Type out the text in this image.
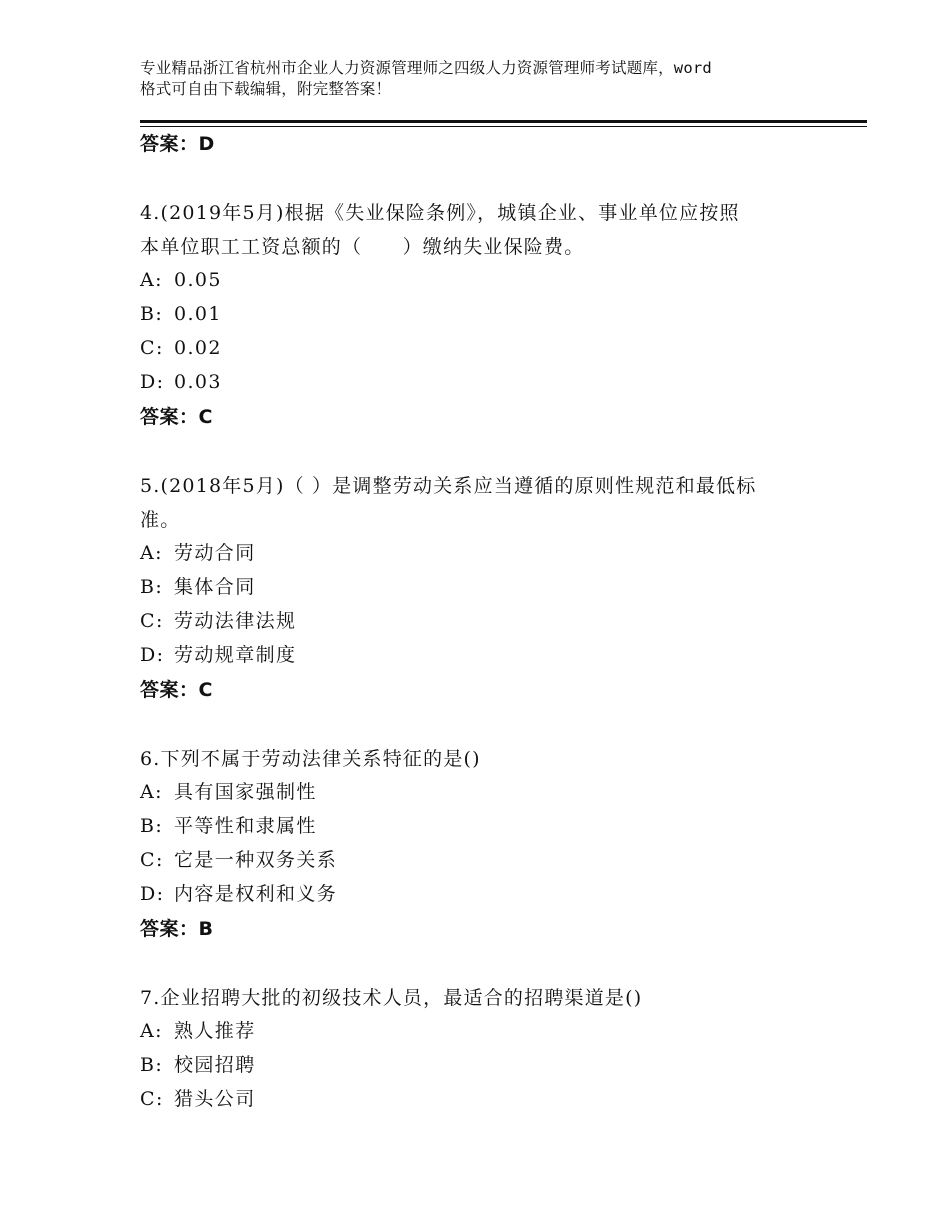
专业精品浙江省杭州市企业人力资源管理师之四级人力资源管理师考试题库，word
格式可自由下载编辑，附完整答案！
答案：D
4.(2019年5月)根据《失业保险条例》，城镇企业、事业单位应按照
本单位职工工资总额的（　　）缴纳失业保险费。
A: 0.05
B: 0.01
C: 0.02
D: 0.03
答案：C
5.(2018年5月)（ ）是调整劳动关系应当遵循的原则性规范和最低标
准。
A: 劳动合同
B: 集体合同
C: 劳动法律法规
D: 劳动规章制度
答案：C
6.下列不属于劳动法律关系特征的是()
A: 具有国家强制性
B: 平等性和隶属性
C: 它是一种双务关系
D: 内容是权利和义务
答案：B
7.企业招聘大批的初级技术人员，最适合的招聘渠道是()
A: 熟人推荐
B: 校园招聘
C: 猎头公司
